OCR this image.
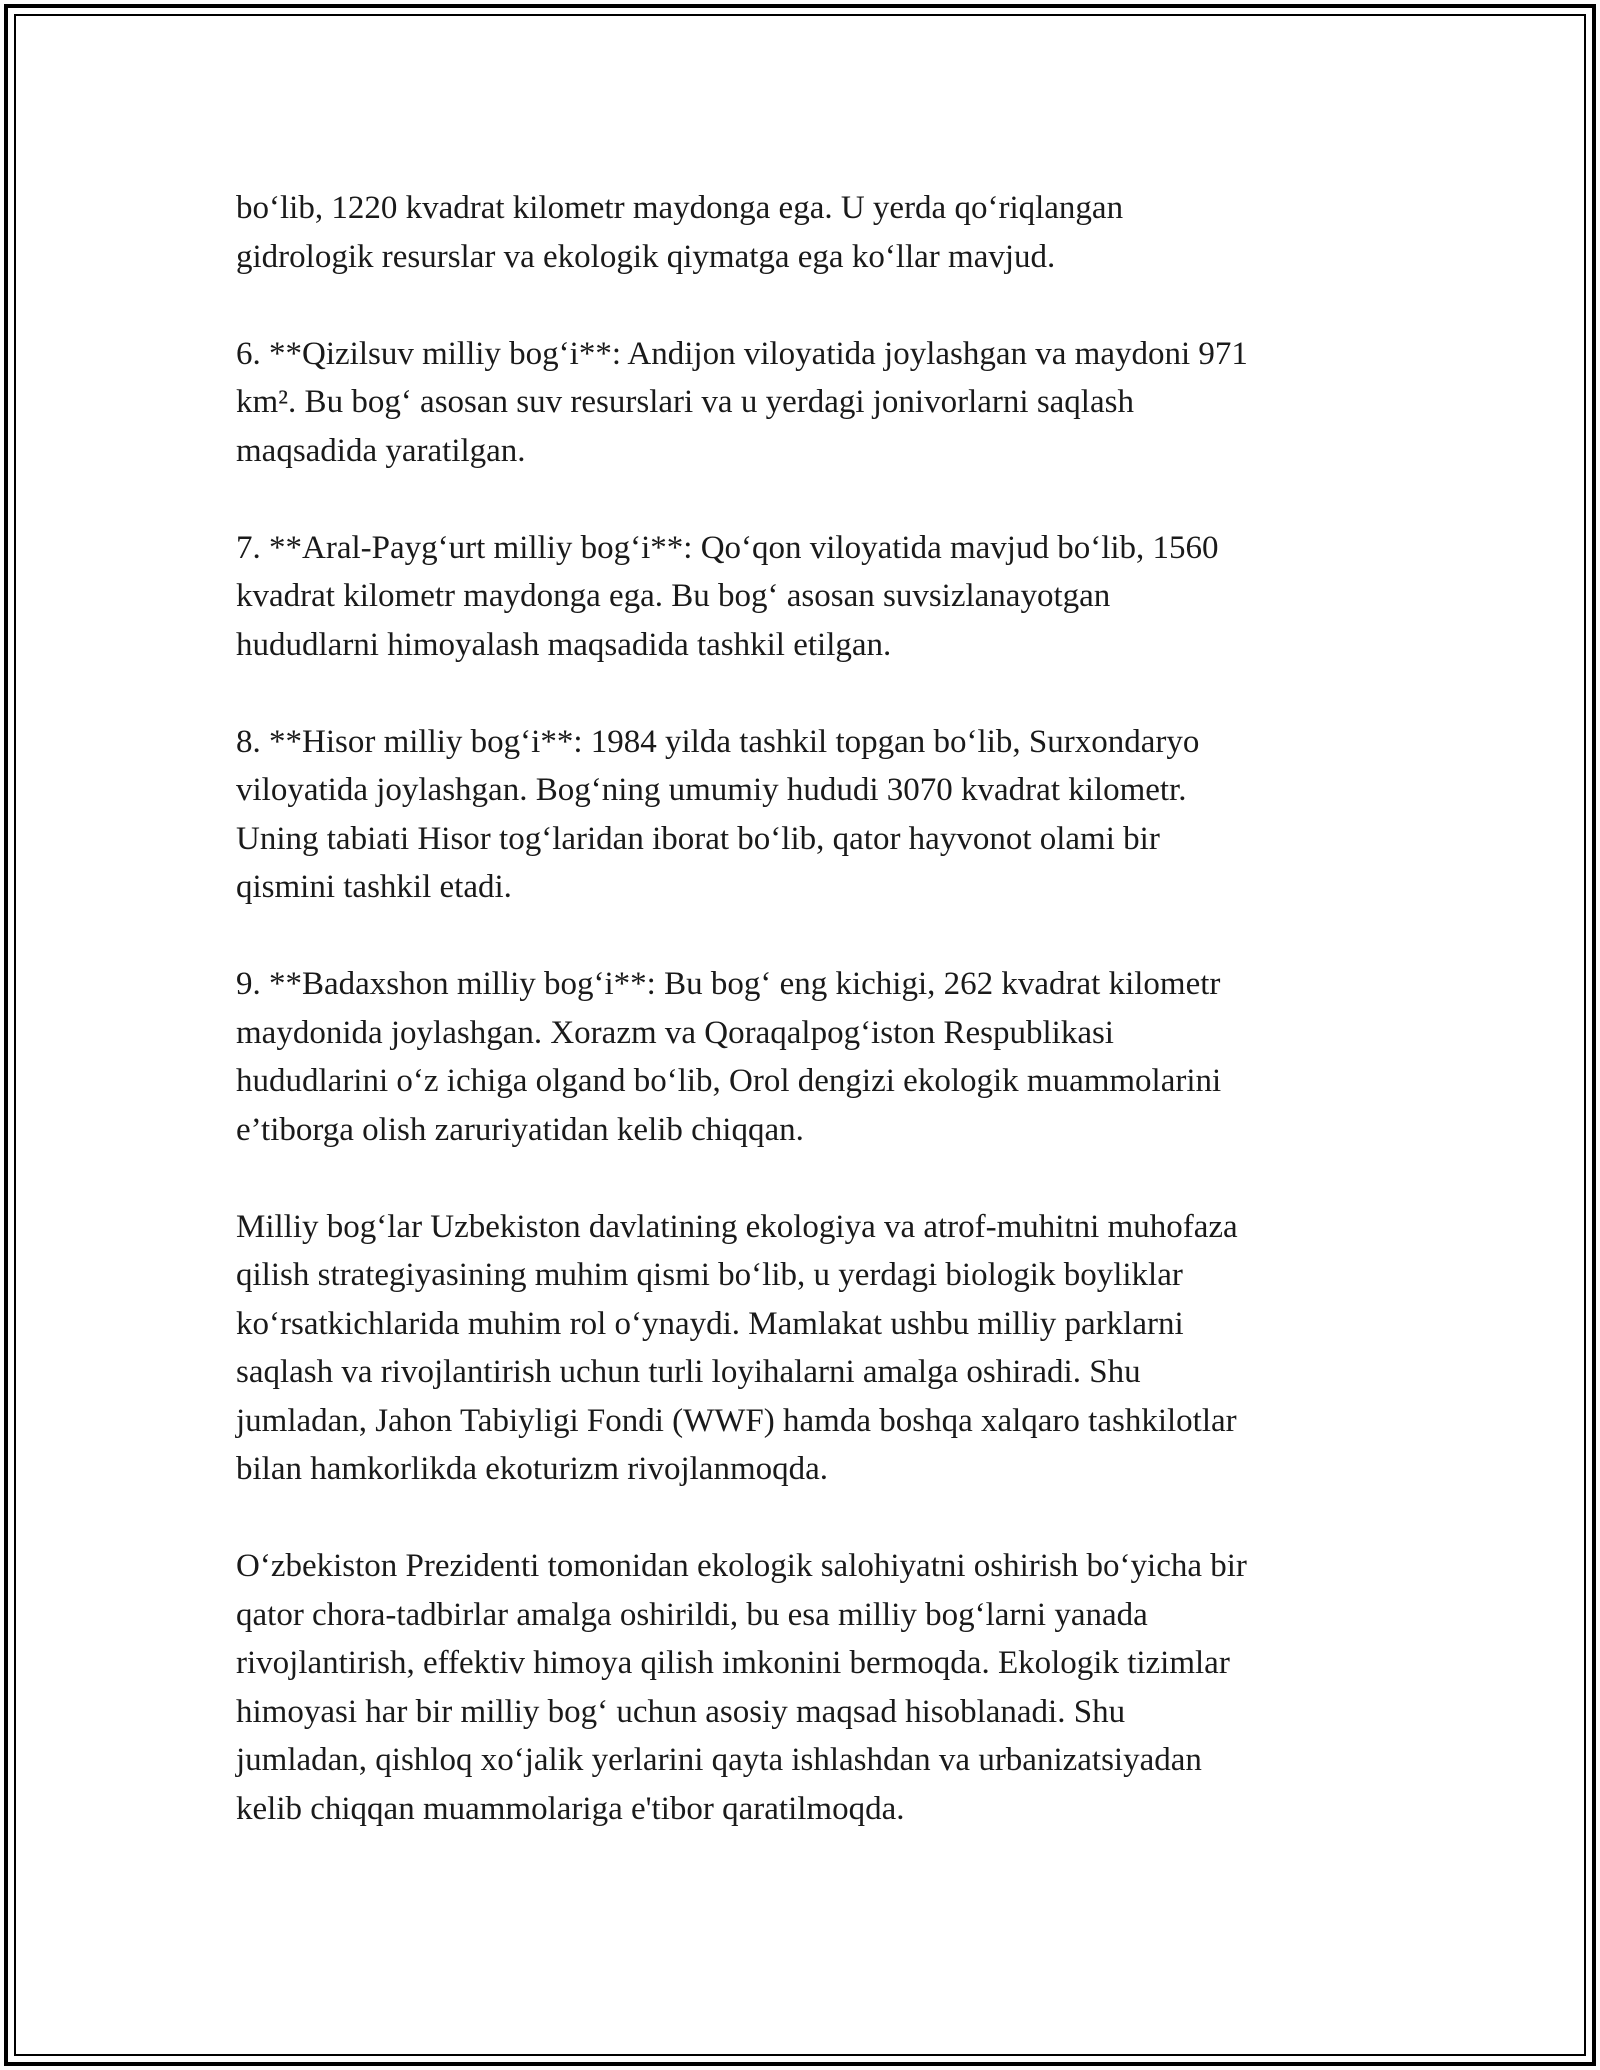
bo‘lib, 1220 kvadrat kilometr maydonga ega. U yerda qo‘riqlangan
gidrologik resurslar va ekologik qiymatga ega ko‘llar mavjud.

6. **Qizilsuv milliy bog‘i**: Andijon viloyatida joylashgan va maydoni 971
km². Bu bog‘ asosan suv resurslari va u yerdagi jonivorlarni saqlash
maqsadida yaratilgan.

7. **Aral-Payg‘urt milliy bog‘i**: Qo‘qon viloyatida mavjud bo‘lib, 1560
kvadrat kilometr maydonga ega. Bu bog‘ asosan suvsizlanayotgan
hududlarni himoyalash maqsadida tashkil etilgan.

8. **Hisor milliy bog‘i**: 1984 yilda tashkil topgan bo‘lib, Surxondaryo
viloyatida joylashgan. Bog‘ning umumiy hududi 3070 kvadrat kilometr.
Uning tabiati Hisor tog‘laridan iborat bo‘lib, qator hayvonot olami bir
qismini tashkil etadi.

9. **Badaxshon milliy bog‘i**: Bu bog‘ eng kichigi, 262 kvadrat kilometr
maydonida joylashgan. Xorazm va Qoraqalpog‘iston Respublikasi
hududlarini o‘z ichiga olgand bo‘lib, Orol dengizi ekologik muammolarini
e’tiborga olish zaruriyatidan kelib chiqqan.

Milliy bog‘lar Uzbekiston davlatining ekologiya va atrof-muhitni muhofaza
qilish strategiyasining muhim qismi bo‘lib, u yerdagi biologik boyliklar
ko‘rsatkichlarida muhim rol o‘ynaydi. Mamlakat ushbu milliy parklarni
saqlash va rivojlantirish uchun turli loyihalarni amalga oshiradi. Shu
jumladan, Jahon Tabiyligi Fondi (WWF) hamda boshqa xalqaro tashkilotlar
bilan hamkorlikda ekoturizm rivojlanmoqda.

O‘zbekiston Prezidenti tomonidan ekologik salohiyatni oshirish bo‘yicha bir
qator chora-tadbirlar amalga oshirildi, bu esa milliy bog‘larni yanada
rivojlantirish, effektiv himoya qilish imkonini bermoqda. Ekologik tizimlar
himoyasi har bir milliy bog‘ uchun asosiy maqsad hisoblanadi. Shu
jumladan, qishloq xo‘jalik yerlarini qayta ishlashdan va urbanizatsiyadan
kelib chiqqan muammolariga e'tibor qaratilmoqda.
